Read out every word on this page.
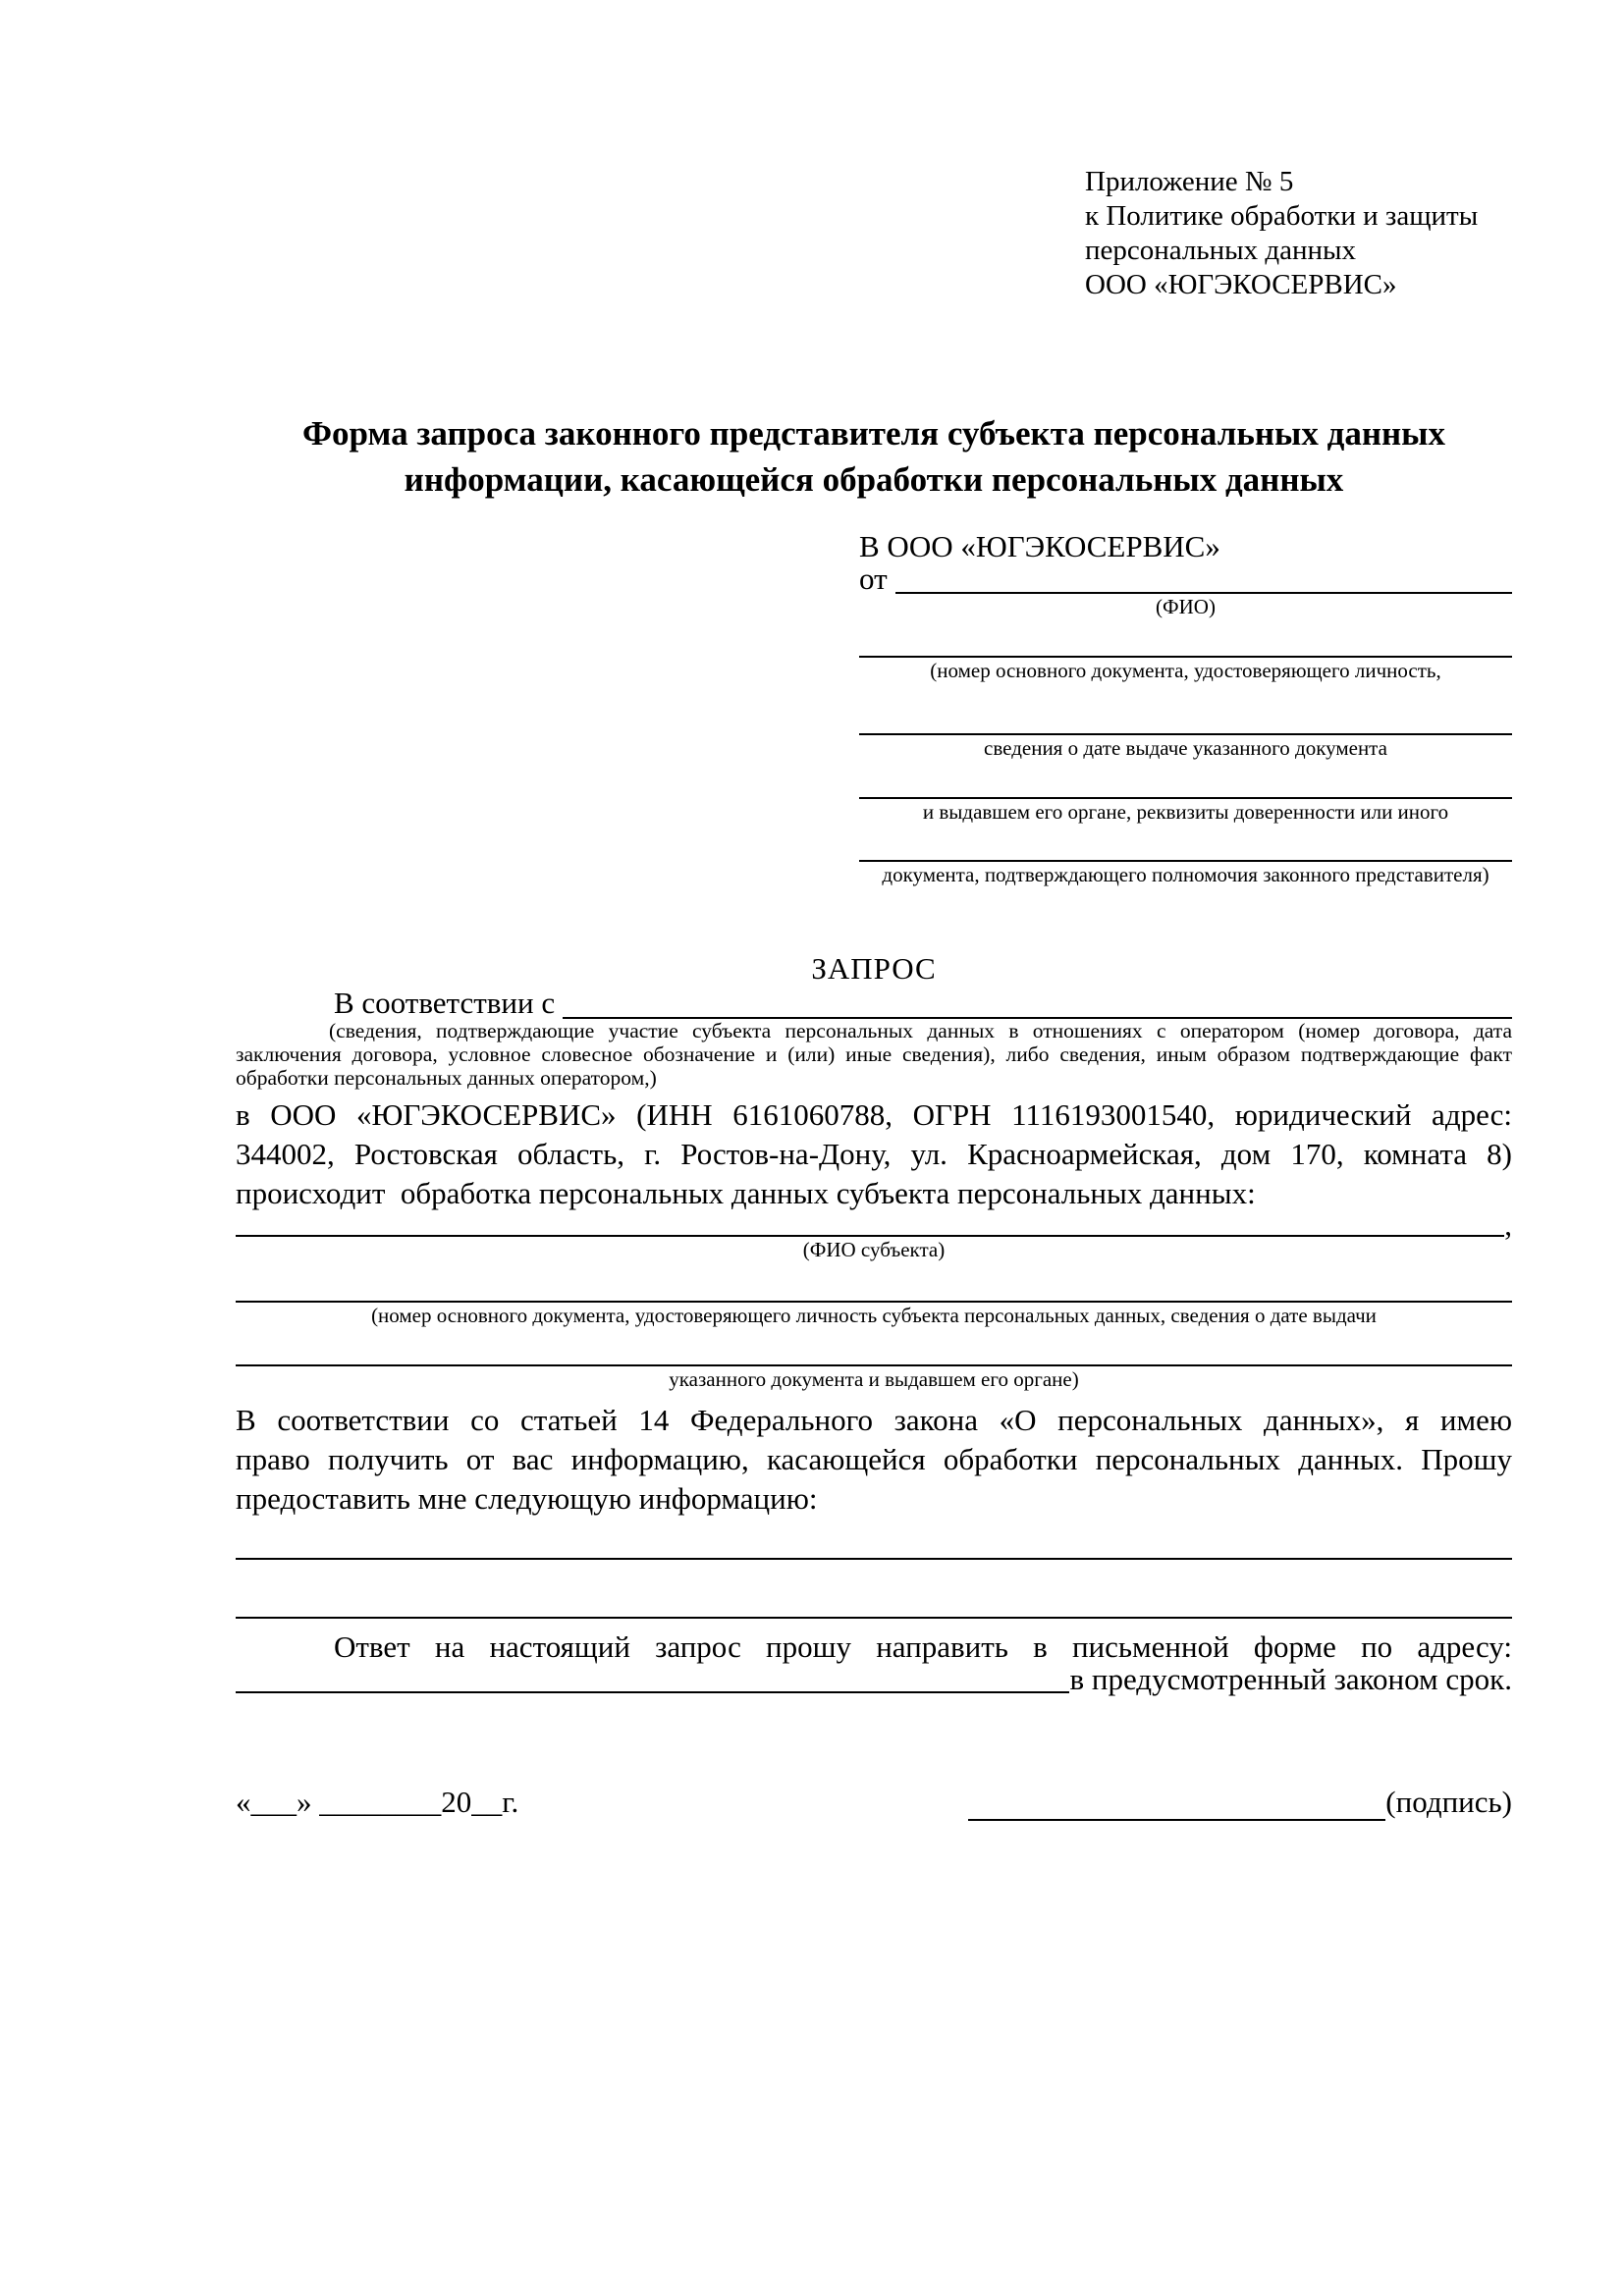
Приложение № 5
к Политике обработки и защиты
персональных данных
ООО «ЮГЭКОСЕРВИС»
Форма запроса законного представителя субъекта персональных данных информации, касающейся обработки персональных данных
В ООО «ЮГЭКОСЕРВИС»
от
(ФИО)
(номер основного документа, удостоверяющего личность,
сведения о дате выдаче указанного документа
и выдавшем его органе, реквизиты доверенности или иного
документа, подтверждающего полномочия законного представителя)
ЗАПРОС
В соответствии с
(сведения, подтверждающие участие субъекта персональных данных в отношениях с оператором (номер договора, дата
заключения договора, условное словесное обозначение и (или) иные сведения), либо сведения, иным образом подтверждающие факт
обработки персональных данных оператором,)
в ООО «ЮГЭКОСЕРВИС» (ИНН 6161060788, ОГРН 1116193001540, юридический адрес:
344002, Ростовская область, г. Ростов-на-Дону, ул. Красноармейская, дом 170, комната 8)
происходит  обработка персональных данных субъекта персональных данных:
,
(ФИО субъекта)
(номер основного документа, удостоверяющего личность субъекта персональных данных, сведения о дате выдачи
указанного документа и выдавшем его органе)
В соответствии со статьей 14 Федерального закона «О персональных данных», я имею
право получить от вас информацию, касающейся обработки персональных данных. Прошу
предоставить мне следующую информацию:
Ответ на настоящий запрос прошу направить в письменной форме по адресу:
в предусмотренный законом срок.
«___» ________20__г.	(подпись)
